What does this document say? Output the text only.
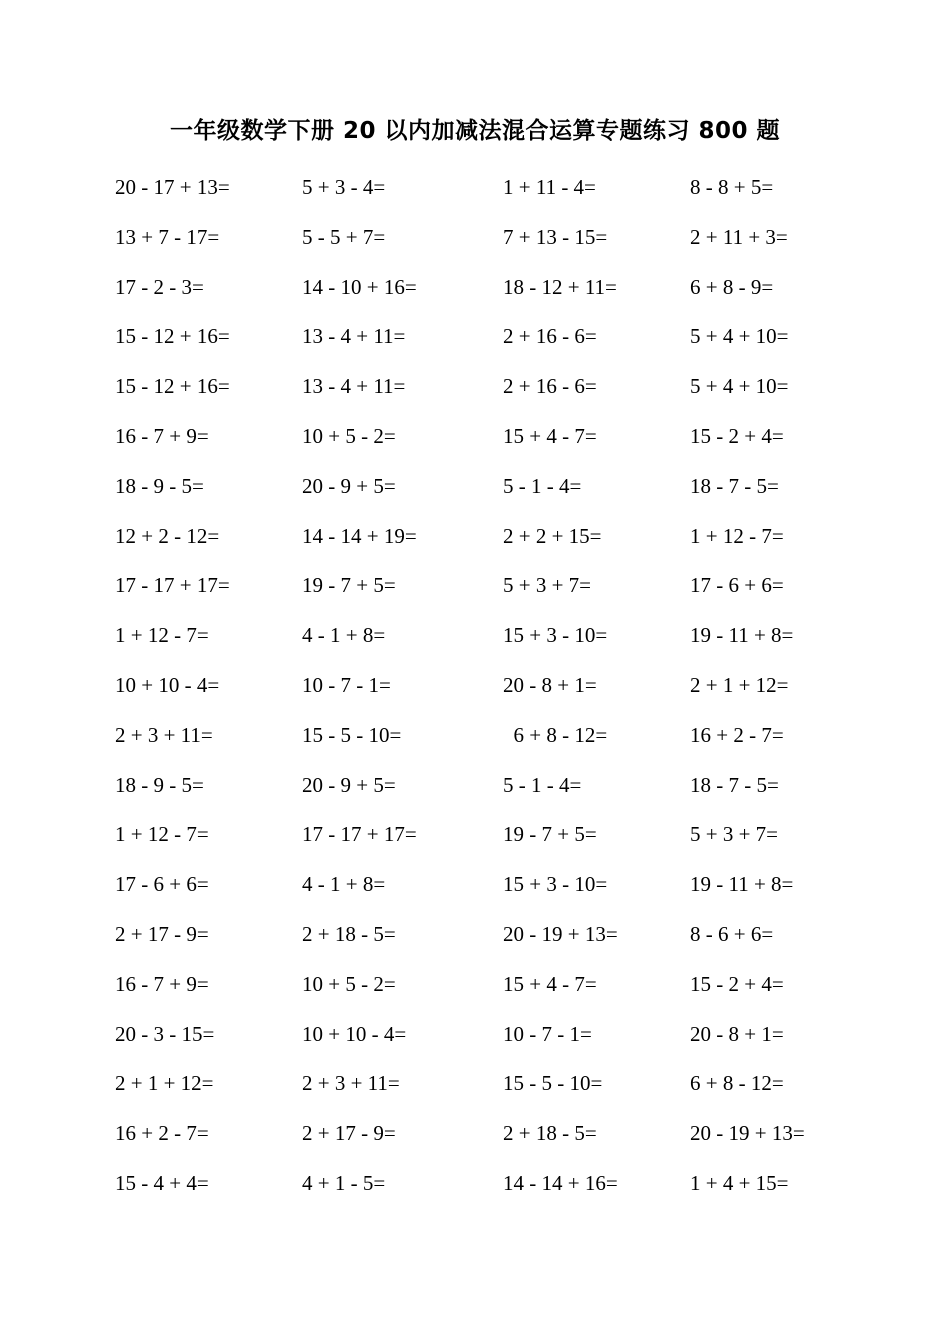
一年级数学下册 20 以内加减法混合运算专题练习 800 题
20 - 17 + 13=	5 + 3 - 4=	1 + 11 - 4=	8 - 8 + 5=
13 + 7 - 17=	5 - 5 + 7=	7 + 13 - 15=	2 + 11 + 3=
17 - 2 - 3=	14 - 10 + 16=	18 - 12 + 11=	6 + 8 - 9=
15 - 12 + 16=	13 - 4 + 11=	2 + 16 - 6=	5 + 4 + 10=
15 - 12 + 16=	13 - 4 + 11=	2 + 16 - 6=	5 + 4 + 10=
16 - 7 + 9=	10 + 5 - 2=	15 + 4 - 7=	15 - 2 + 4=
18 - 9 - 5=	20 - 9 + 5=	5 - 1 - 4=	18 - 7 - 5=
12 + 2 - 12=	14 - 14 + 19=	2 + 2 + 15=	1 + 12 - 7=
17 - 17 + 17=	19 - 7 + 5=	5 + 3 + 7=	17 - 6 + 6=
1 + 12 - 7=	4 - 1 + 8=	15 + 3 - 10=	19 - 11 + 8=
10 + 10 - 4=	10 - 7 - 1=	20 - 8 + 1=	2 + 1 + 12=
2 + 3 + 11=	15 - 5 - 10=	6 + 8 - 12=	16 + 2 - 7=
18 - 9 - 5=	20 - 9 + 5=	5 - 1 - 4=	18 - 7 - 5=
1 + 12 - 7=	17 - 17 + 17=	19 - 7 + 5=	5 + 3 + 7=
17 - 6 + 6=	4 - 1 + 8=	15 + 3 - 10=	19 - 11 + 8=
2 + 17 - 9=	2 + 18 - 5=	20 - 19 + 13=	8 - 6 + 6=
16 - 7 + 9=	10 + 5 - 2=	15 + 4 - 7=	15 - 2 + 4=
20 - 3 - 15=	10 + 10 - 4=	10 - 7 - 1=	20 - 8 + 1=
2 + 1 + 12=	2 + 3 + 11=	15 - 5 - 10=	6 + 8 - 12=
16 + 2 - 7=	2 + 17 - 9=	2 + 18 - 5=	20 - 19 + 13=
15 - 4 + 4=	4 + 1 - 5=	14 - 14 + 16=	1 + 4 + 15=
